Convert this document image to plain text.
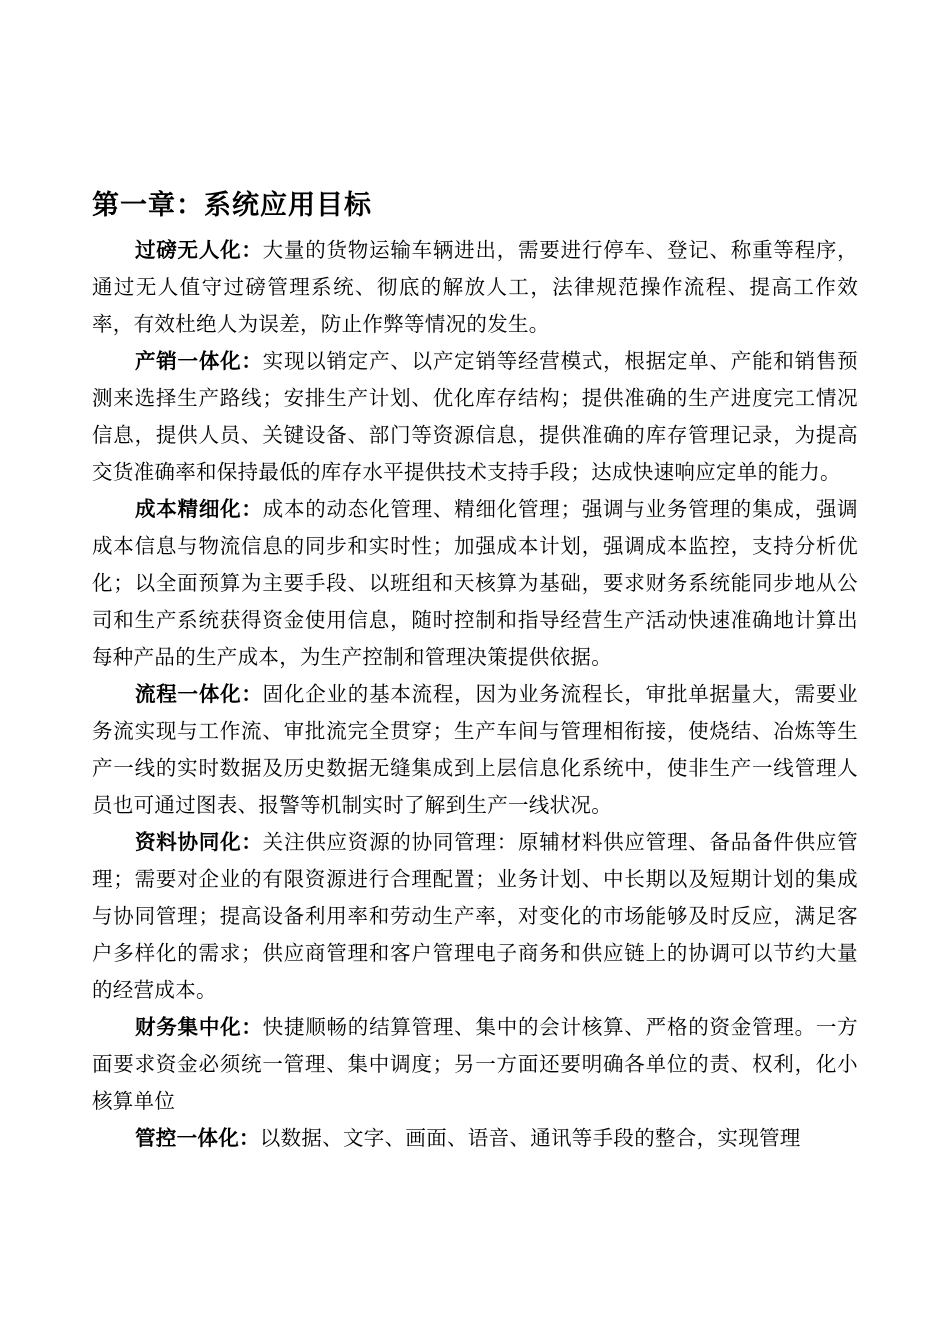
第一章：系统应用目标

过磅无人化：大量的货物运输车辆进出，需要进行停车、登记、称重等程序，通过无人值守过磅管理系统、彻底的解放人工，法律规范操作流程、提高工作效率，有效杜绝人为误差，防止作弊等情况的发生。

产销一体化：实现以销定产、以产定销等经营模式，根据定单、产能和销售预测来选择生产路线；安排生产计划、优化库存结构；提供准确的生产进度完工情况信息，提供人员、关键设备、部门等资源信息，提供准确的库存管理记录，为提高交货准确率和保持最低的库存水平提供技术支持手段；达成快速响应定单的能力。

成本精细化：成本的动态化管理、精细化管理；强调与业务管理的集成，强调成本信息与物流信息的同步和实时性；加强成本计划，强调成本监控，支持分析优化；以全面预算为主要手段、以班组和天核算为基础，要求财务系统能同步地从公司和生产系统获得资金使用信息，随时控制和指导经营生产活动快速准确地计算出每种产品的生产成本，为生产控制和管理决策提供依据。

流程一体化：固化企业的基本流程，因为业务流程长，审批单据量大，需要业务流实现与工作流、审批流完全贯穿；生产车间与管理相衔接，使烧结、冶炼等生产一线的实时数据及历史数据无缝集成到上层信息化系统中，使非生产一线管理人员也可通过图表、报警等机制实时了解到生产一线状况。

资料协同化：关注供应资源的协同管理：原辅材料供应管理、备品备件供应管理；需要对企业的有限资源进行合理配置；业务计划、中长期以及短期计划的集成与协同管理；提高设备利用率和劳动生产率，对变化的市场能够及时反应，满足客户多样化的需求；供应商管理和客户管理电子商务和供应链上的协调可以节约大量的经营成本。

财务集中化：快捷顺畅的结算管理、集中的会计核算、严格的资金管理。一方面要求资金必须统一管理、集中调度；另一方面还要明确各单位的责、权利，化小核算单位

管控一体化：以数据、文字、画面、语音、通讯等手段的整合，实现管理
